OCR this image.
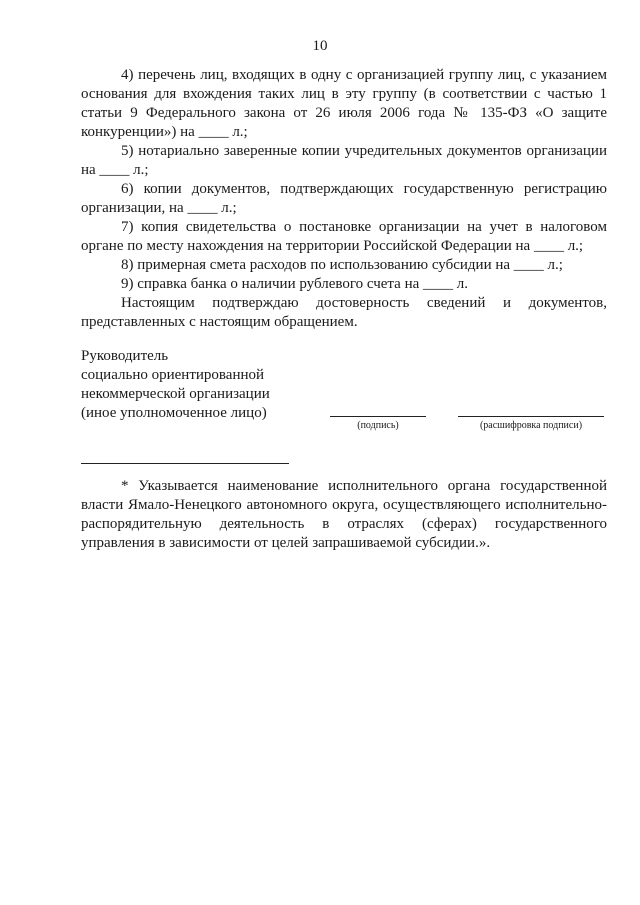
10

4) перечень лиц, входящих в одну с организацией группу лиц, с указанием основания для вхождения таких лиц в эту группу (в соответствии с частью 1 статьи 9 Федерального закона от 26 июля 2006 года № 135-ФЗ «О защите конкуренции») на ____ л.;

5) нотариально заверенные копии учредительных документов организации на ____ л.;

6) копии документов, подтверждающих государственную регистрацию организации, на ____ л.;

7) копия свидетельства о постановке организации на учет в налоговом органе по месту нахождения на территории Российской Федерации на ____ л.;

8) примерная смета расходов по использованию субсидии на ____ л.;

9) справка банка о наличии рублевого счета на ____ л.

Настоящим подтверждаю достоверность сведений и документов, представленных с настоящим обращением.

Руководитель
социально ориентированной
некоммерческой организации
(иное уполномоченное лицо)
(подпись)	(расшифровка подписи)

* Указывается наименование исполнительного органа государственной власти Ямало-Ненецкого автономного округа, осуществляющего исполнительно-распорядительную деятельность в отраслях (сферах) государственного управления в зависимости от целей запрашиваемой субсидии.».
